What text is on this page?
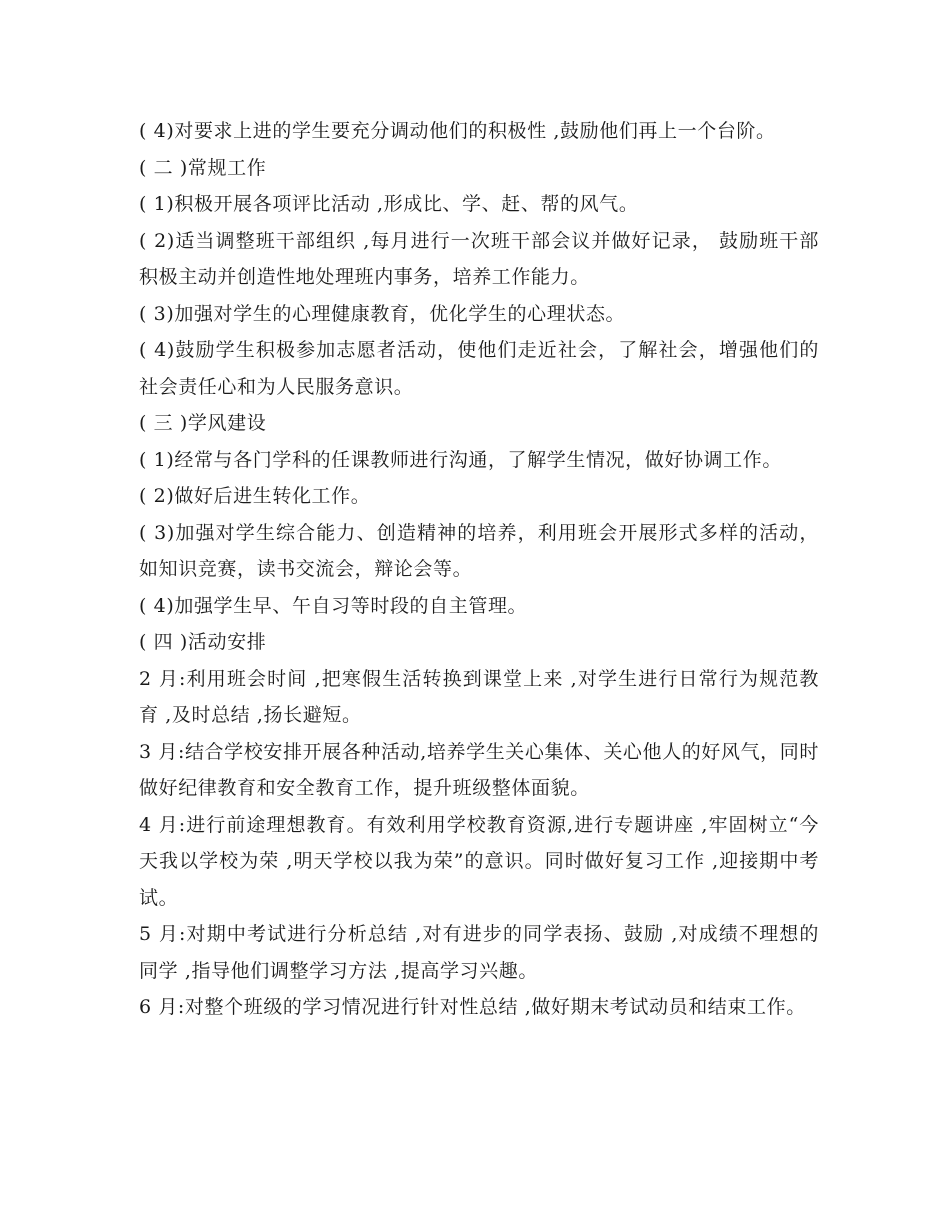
( 4)对要求上进的学生要充分调动他们的积极性 ,鼓励他们再上一个台阶。

( 二 )常规工作

( 1)积极开展各项评比活动 ,形成比、学、赶、帮的风气。

( 2)适当调整班干部组织 ,每月进行一次班干部会议并做好记录， 鼓励班干部积极主动并创造性地处理班内事务，培养工作能力。

( 3)加强对学生的心理健康教育，优化学生的心理状态。

( 4)鼓励学生积极参加志愿者活动，使他们走近社会，了解社会，增强他们的社会责任心和为人民服务意识。

( 三 )学风建设

( 1)经常与各门学科的任课教师进行沟通，了解学生情况，做好协调工作。

( 2)做好后进生转化工作。

( 3)加强对学生综合能力、创造精神的培养，利用班会开展形式多样的活动，如知识竞赛，读书交流会，辩论会等。

( 4)加强学生早、午自习等时段的自主管理。

( 四 )活动安排

2 月:利用班会时间 ,把寒假生活转换到课堂上来 ,对学生进行日常行为规范教育 ,及时总结 ,扬长避短。

3 月:结合学校安排开展各种活动,培养学生关心集体、关心他人的好风气，同时做好纪律教育和安全教育工作，提升班级整体面貌。

4 月:进行前途理想教育。有效利用学校教育资源,进行专题讲座 ,牢固树立“今天我以学校为荣 ,明天学校以我为荣”的意识。同时做好复习工作 ,迎接期中考试。

5 月:对期中考试进行分析总结 ,对有进步的同学表扬、鼓励 ,对成绩不理想的同学 ,指导他们调整学习方法 ,提高学习兴趣。

6 月:对整个班级的学习情况进行针对性总结 ,做好期末考试动员和结束工作。
